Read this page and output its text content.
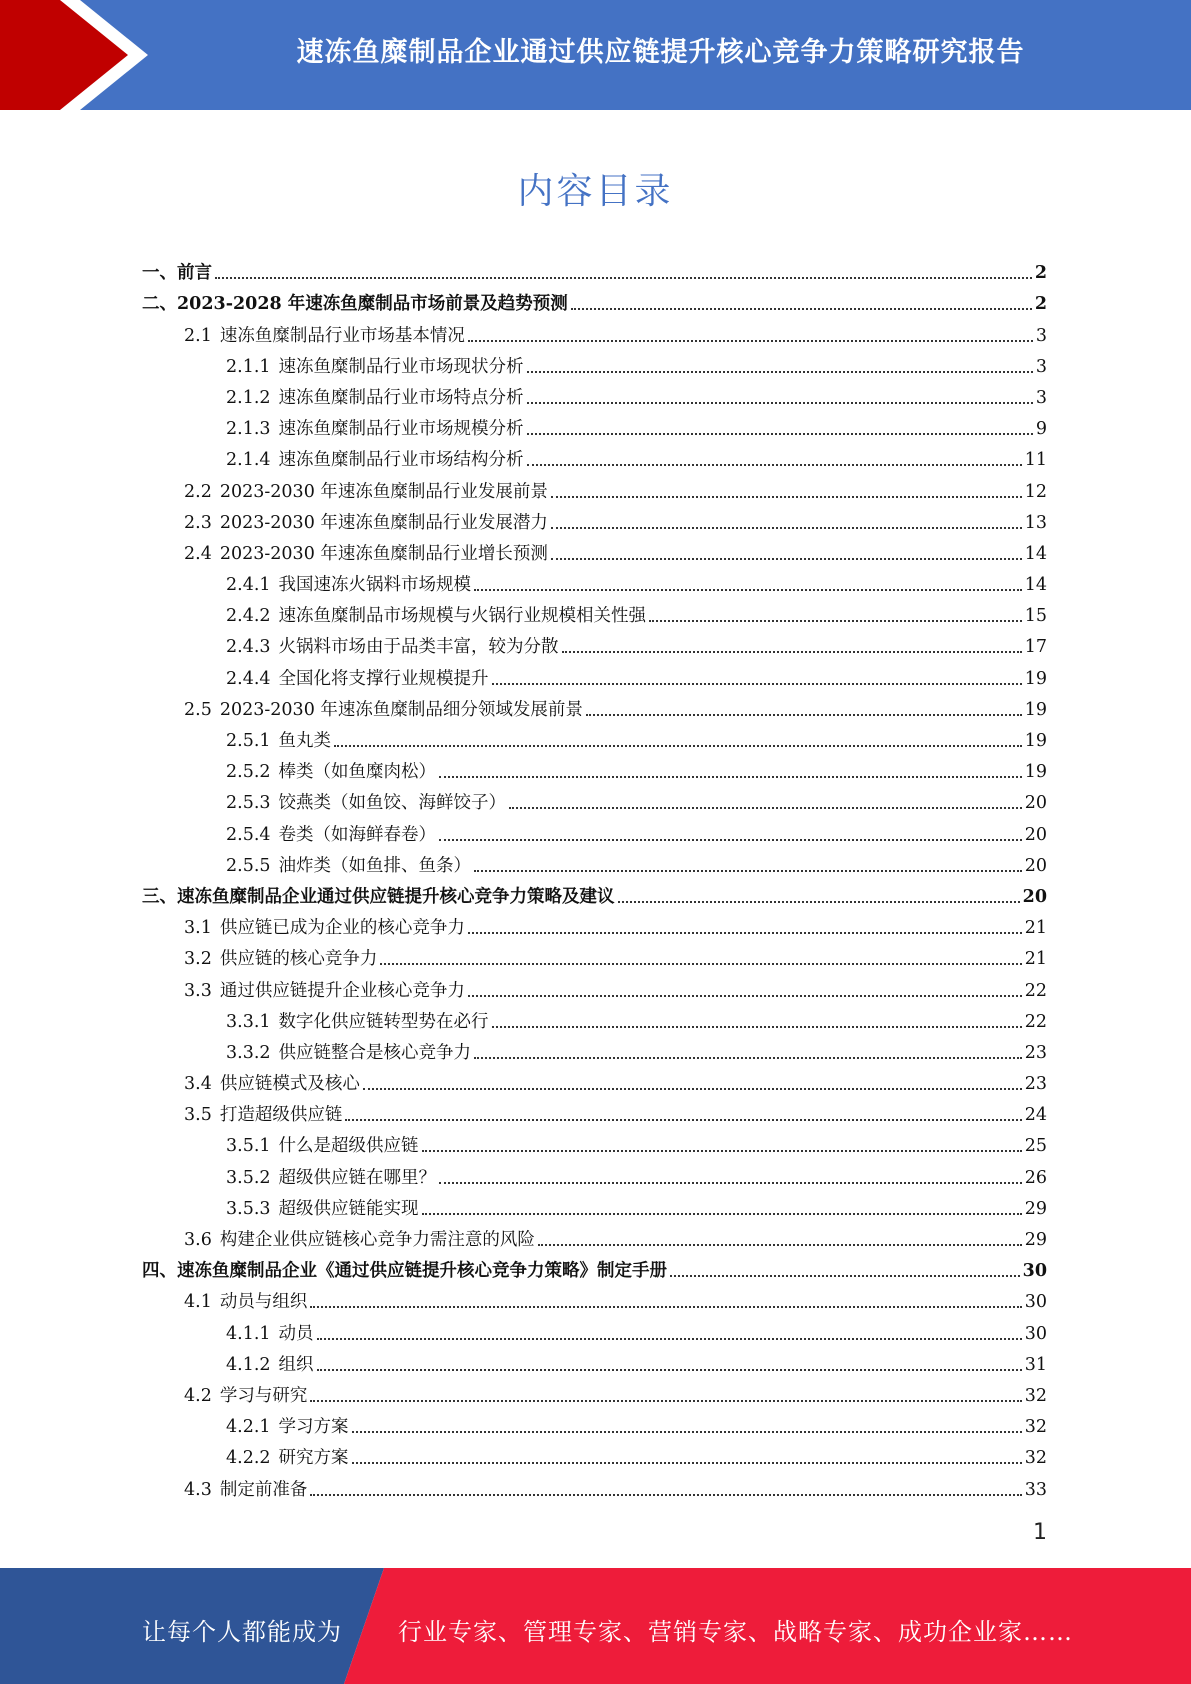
速冻鱼糜制品企业通过供应链提升核心竞争力策略研究报告
内容目录
一、 前言	2
二、 2023-2028 年速冻鱼糜制品市场前景及趋势预测	2
2.1 速冻鱼糜制品行业市场基本情况	3
2.1.1 速冻鱼糜制品行业市场现状分析	3
2.1.2 速冻鱼糜制品行业市场特点分析	3
2.1.3 速冻鱼糜制品行业市场规模分析	9
2.1.4 速冻鱼糜制品行业市场结构分析	11
2.2 2023-2030 年速冻鱼糜制品行业发展前景	12
2.3 2023-2030 年速冻鱼糜制品行业发展潜力	13
2.4 2023-2030 年速冻鱼糜制品行业增长预测	14
2.4.1 我国速冻火锅料市场规模	14
2.4.2 速冻鱼糜制品市场规模与火锅行业规模相关性强	15
2.4.3 火锅料市场由于品类丰富，较为分散	17
2.4.4 全国化将支撑行业规模提升	19
2.5 2023-2030 年速冻鱼糜制品细分领域发展前景	19
2.5.1 鱼丸类	19
2.5.2 棒类（如鱼糜肉松）	19
2.5.3 饺燕类（如鱼饺、海鲜饺子）	20
2.5.4 卷类（如海鲜春卷）	20
2.5.5 油炸类（如鱼排、鱼条）	20
三、 速冻鱼糜制品企业通过供应链提升核心竞争力策略及建议	20
3.1 供应链已成为企业的核心竞争力	21
3.2 供应链的核心竞争力	21
3.3 通过供应链提升企业核心竞争力	22
3.3.1 数字化供应链转型势在必行	22
3.3.2 供应链整合是核心竞争力	23
3.4 供应链模式及核心	23
3.5 打造超级供应链	24
3.5.1 什么是超级供应链	25
3.5.2 超级供应链在哪里？	26
3.5.3 超级供应链能实现	29
3.6 构建企业供应链核心竞争力需注意的风险	29
四、 速冻鱼糜制品企业《通过供应链提升核心竞争力策略》制定手册	30
4.1 动员与组织	30
4.1.1 动员	30
4.1.2 组织	31
4.2 学习与研究	32
4.2.1 学习方案	32
4.2.2 研究方案	32
4.3 制定前准备	33
1
让每个人都能成为 行业专家、管理专家、营销专家、战略专家、成功企业家……
